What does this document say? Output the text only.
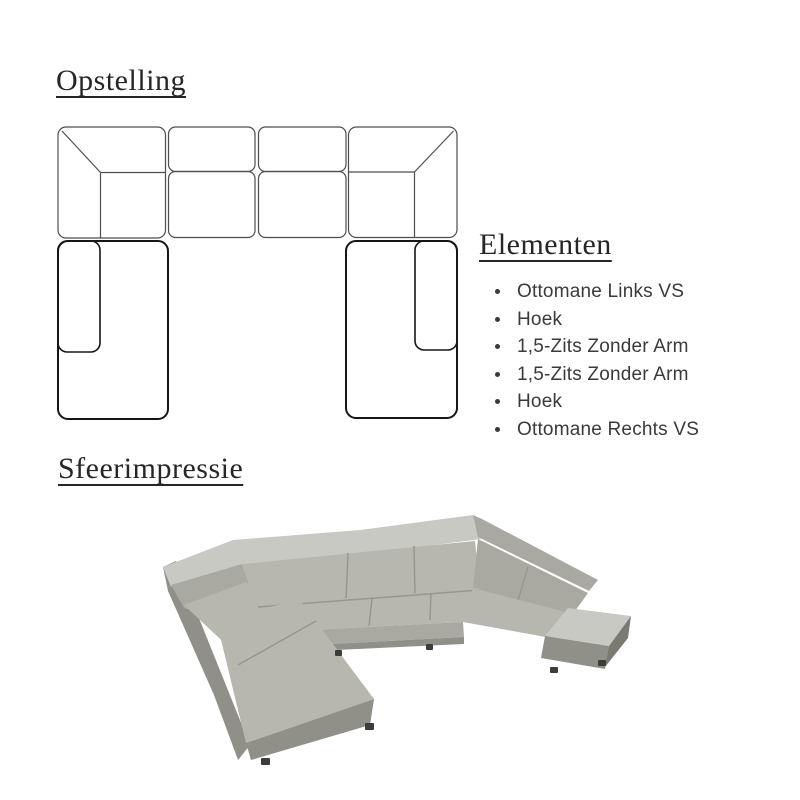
Opstelling
Elementen
Ottomane Links VS
Hoek
1,5-Zits Zonder Arm
1,5-Zits Zonder Arm
Hoek
Ottomane Rechts VS
Sfeerimpressie
